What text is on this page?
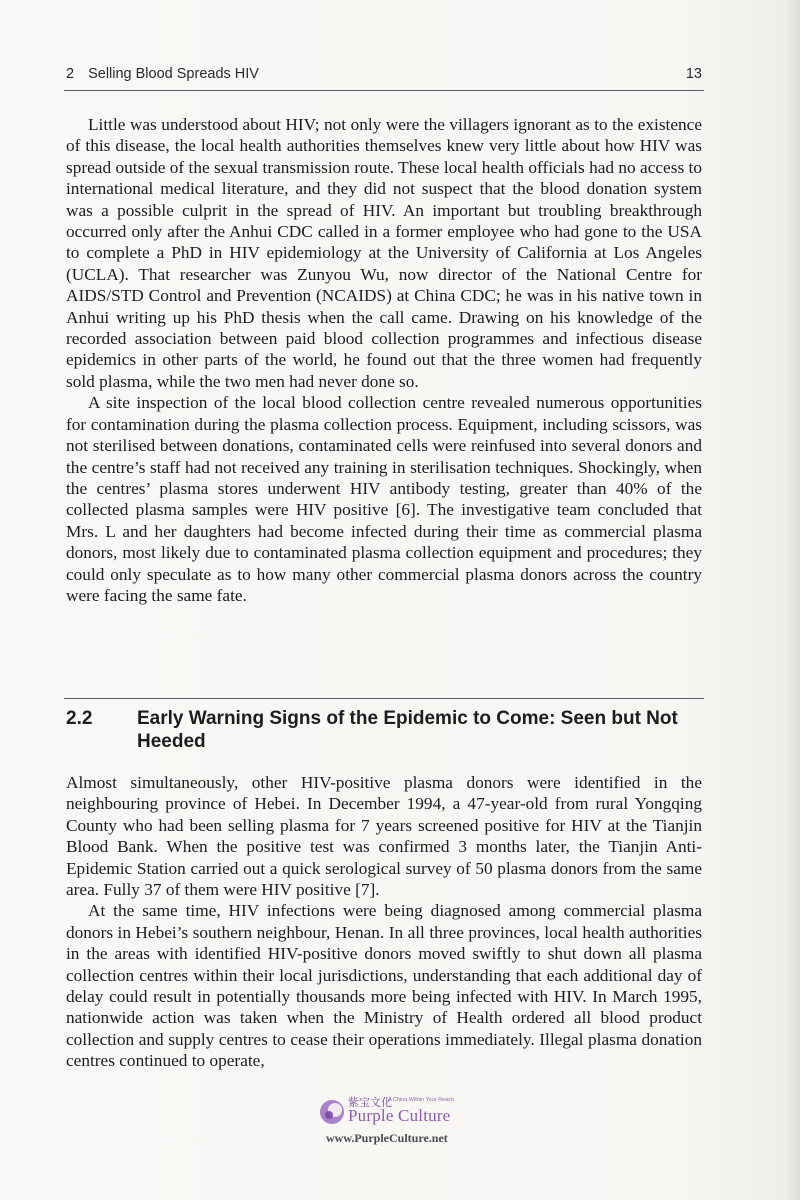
2 Selling Blood Spreads HIV	13

Little was understood about HIV; not only were the villagers ignorant as to the existence of this disease, the local health authorities themselves knew very little about how HIV was spread outside of the sexual transmission route. These local health officials had no access to international medical literature, and they did not suspect that the blood donation system was a possible culprit in the spread of HIV. An important but troubling breakthrough occurred only after the Anhui CDC called in a former employee who had gone to the USA to complete a PhD in HIV epidemiology at the University of California at Los Angeles (UCLA). That researcher was Zunyou Wu, now director of the National Centre for AIDS/STD Control and Prevention (NCAIDS) at China CDC; he was in his native town in Anhui writing up his PhD thesis when the call came. Drawing on his knowledge of the recorded association between paid blood collection programmes and infectious disease epidemics in other parts of the world, he found out that the three women had frequently sold plasma, while the two men had never done so.

A site inspection of the local blood collection centre revealed numerous opportunities for contamination during the plasma collection process. Equipment, including scissors, was not sterilised between donations, contaminated cells were reinfused into several donors and the centre’s staff had not received any training in sterilisation techniques. Shockingly, when the centres’ plasma stores underwent HIV antibody testing, greater than 40% of the collected plasma samples were HIV positive [6]. The investigative team concluded that Mrs. L and her daughters had become infected during their time as commercial plasma donors, most likely due to contaminated plasma collection equipment and procedures; they could only speculate as to how many other commercial plasma donors across the country were facing the same fate.

2.2	Early Warning Signs of the Epidemic to Come: Seen but Not Heeded

Almost simultaneously, other HIV-positive plasma donors were identified in the neighbouring province of Hebei. In December 1994, a 47-year-old from rural Yongqing County who had been selling plasma for 7 years screened positive for HIV at the Tianjin Blood Bank. When the positive test was confirmed 3 months later, the Tianjin Anti-Epidemic Station carried out a quick serological survey of 50 plasma donors from the same area. Fully 37 of them were HIV positive [7].

At the same time, HIV infections were being diagnosed among commercial plasma donors in Hebei’s southern neighbour, Henan. In all three provinces, local health authorities in the areas with identified HIV-positive donors moved swiftly to shut down all plasma collection centres within their local jurisdictions, understanding that each additional day of delay could result in potentially thousands more being infected with HIV. In March 1995, nationwide action was taken when the Ministry of Health ordered all blood product collection and supply centres to cease their operations immediately. Illegal plasma donation centres continued to operate,

紫宝文化
A China Within Your Reach
Purple Culture
www.PurpleCulture.net
